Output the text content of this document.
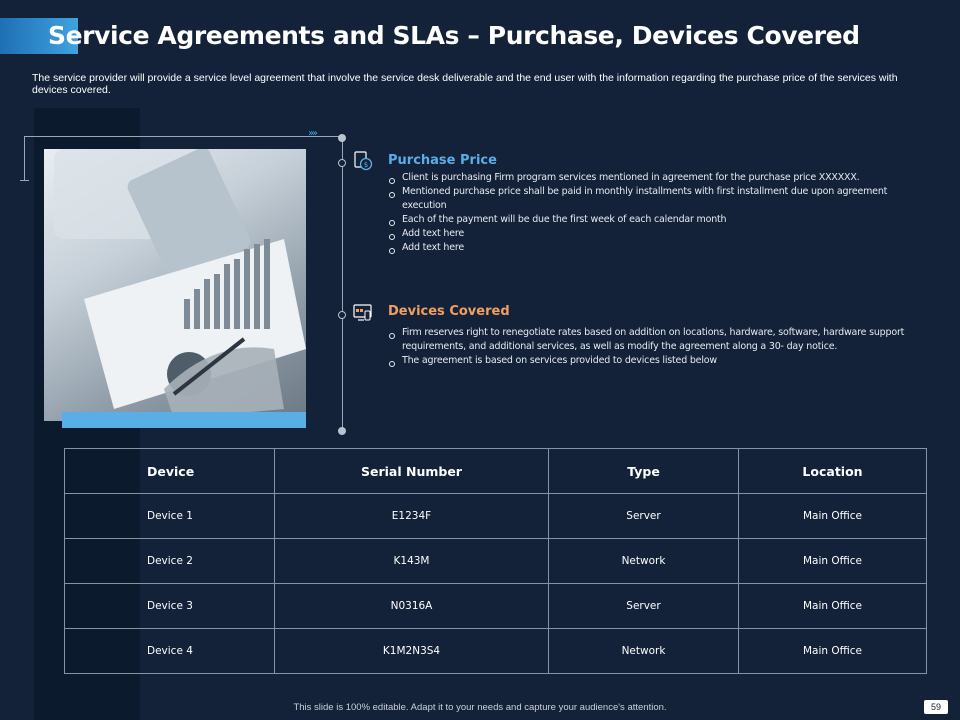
Service Agreements and SLAs – Purchase, Devices Covered

The service provider will provide a service level agreement that involve the service desk deliverable and the end user with the information regarding the purchase price of the services with devices covered.

››››
$ Purchase Price
Client is purchasing Firm program services mentioned in agreement for the purchase price XXXXXX.
Mentioned purchase price shall be paid in monthly installments with first installment due upon agreement execution
Each of the payment will be due the first week of each calendar month
Add text here
Add text here
Devices Covered
Firm reserves right to renegotiate rates based on addition on locations, hardware, software, hardware support requirements, and additional services, as well as modify the agreement along a 30- day notice.
The agreement is based on services provided to devices listed below
Device	Serial Number	Type	Location
Device 1	E1234F	Server	Main Office
Device 2	K143M	Network	Main Office
Device 3	N0316A	Server	Main Office
Device 4	K1M2N3S4	Network	Main Office
This slide is 100% editable. Adapt it to your needs and capture your audience's attention.	59
